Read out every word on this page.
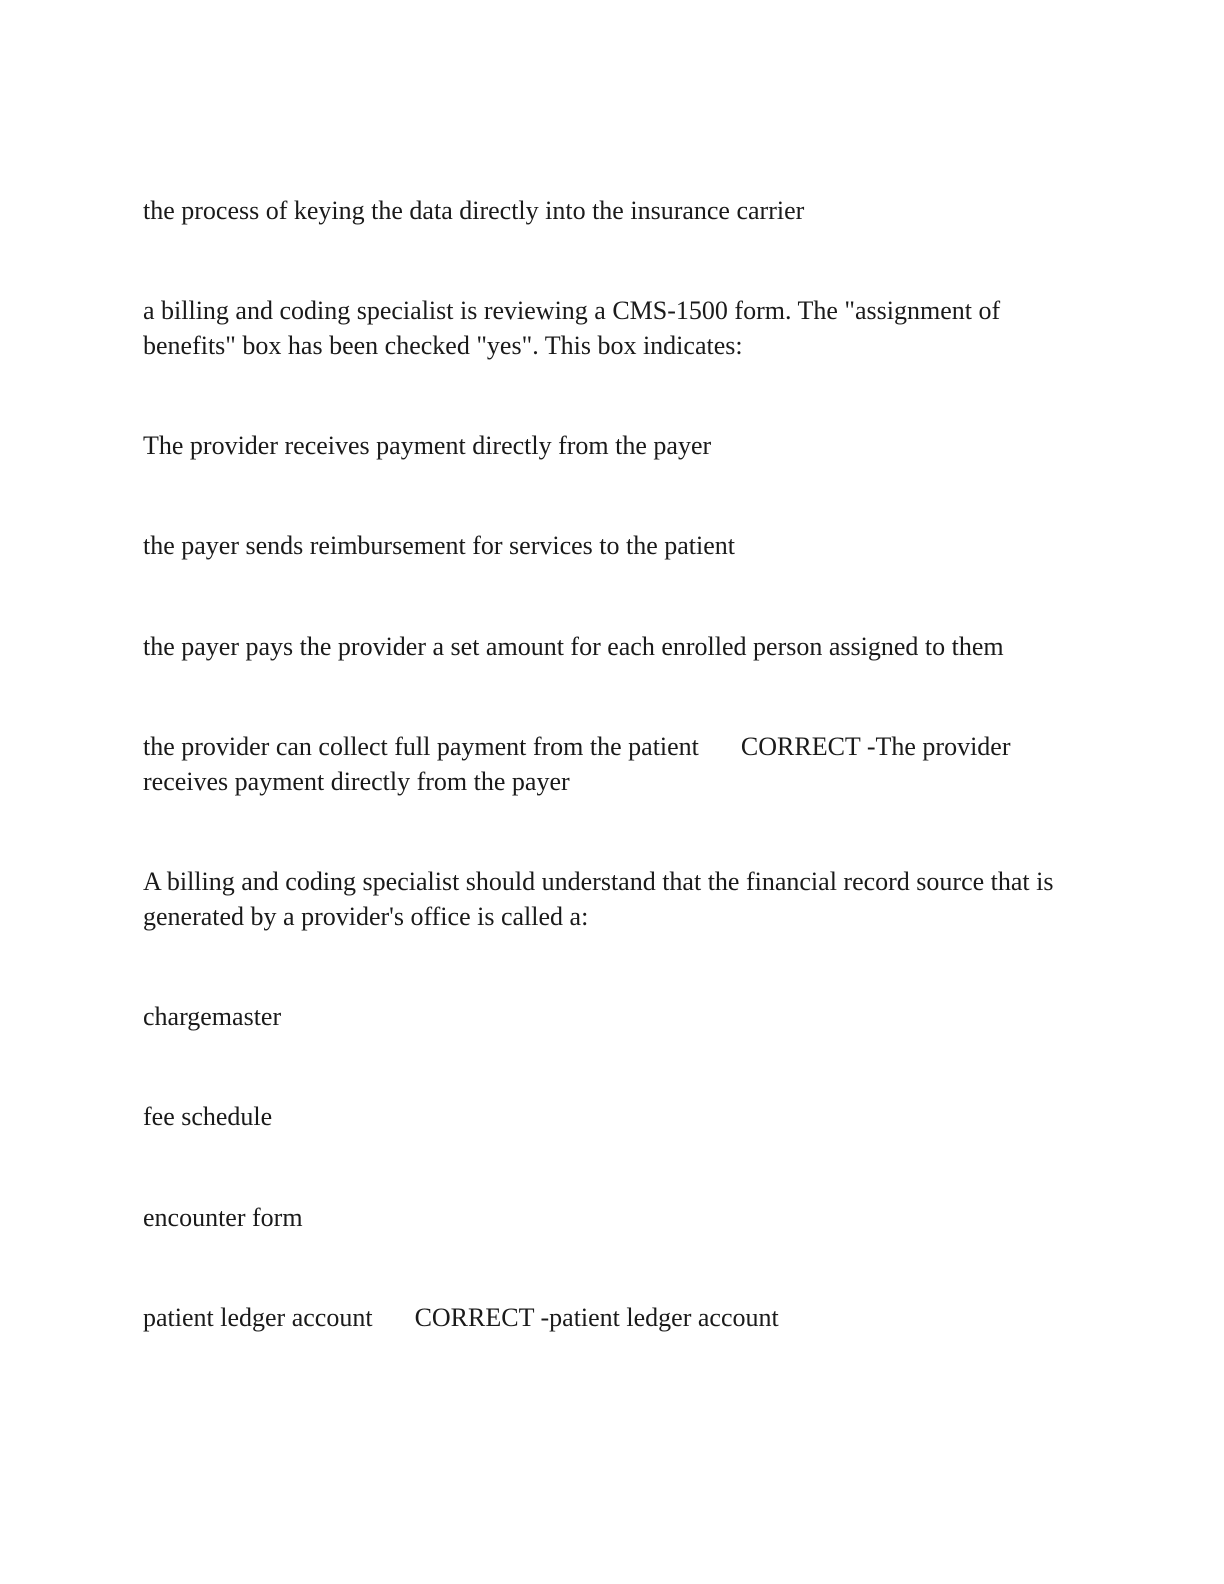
the process of keying the data directly into the insurance carrier

a billing and coding specialist is reviewing a CMS-1500 form. The "assignment of benefits" box has been checked "yes". This box indicates:

The provider receives payment directly from the payer

the payer sends reimbursement for services to the patient

the payer pays the provider a set amount for each enrolled person assigned to them

the provider can collect full payment from the patient CORRECT -The provider receives payment directly from the payer

A billing and coding specialist should understand that the financial record source that is generated by a provider's office is called a:

chargemaster

fee schedule

encounter form

patient ledger account CORRECT -patient ledger account
